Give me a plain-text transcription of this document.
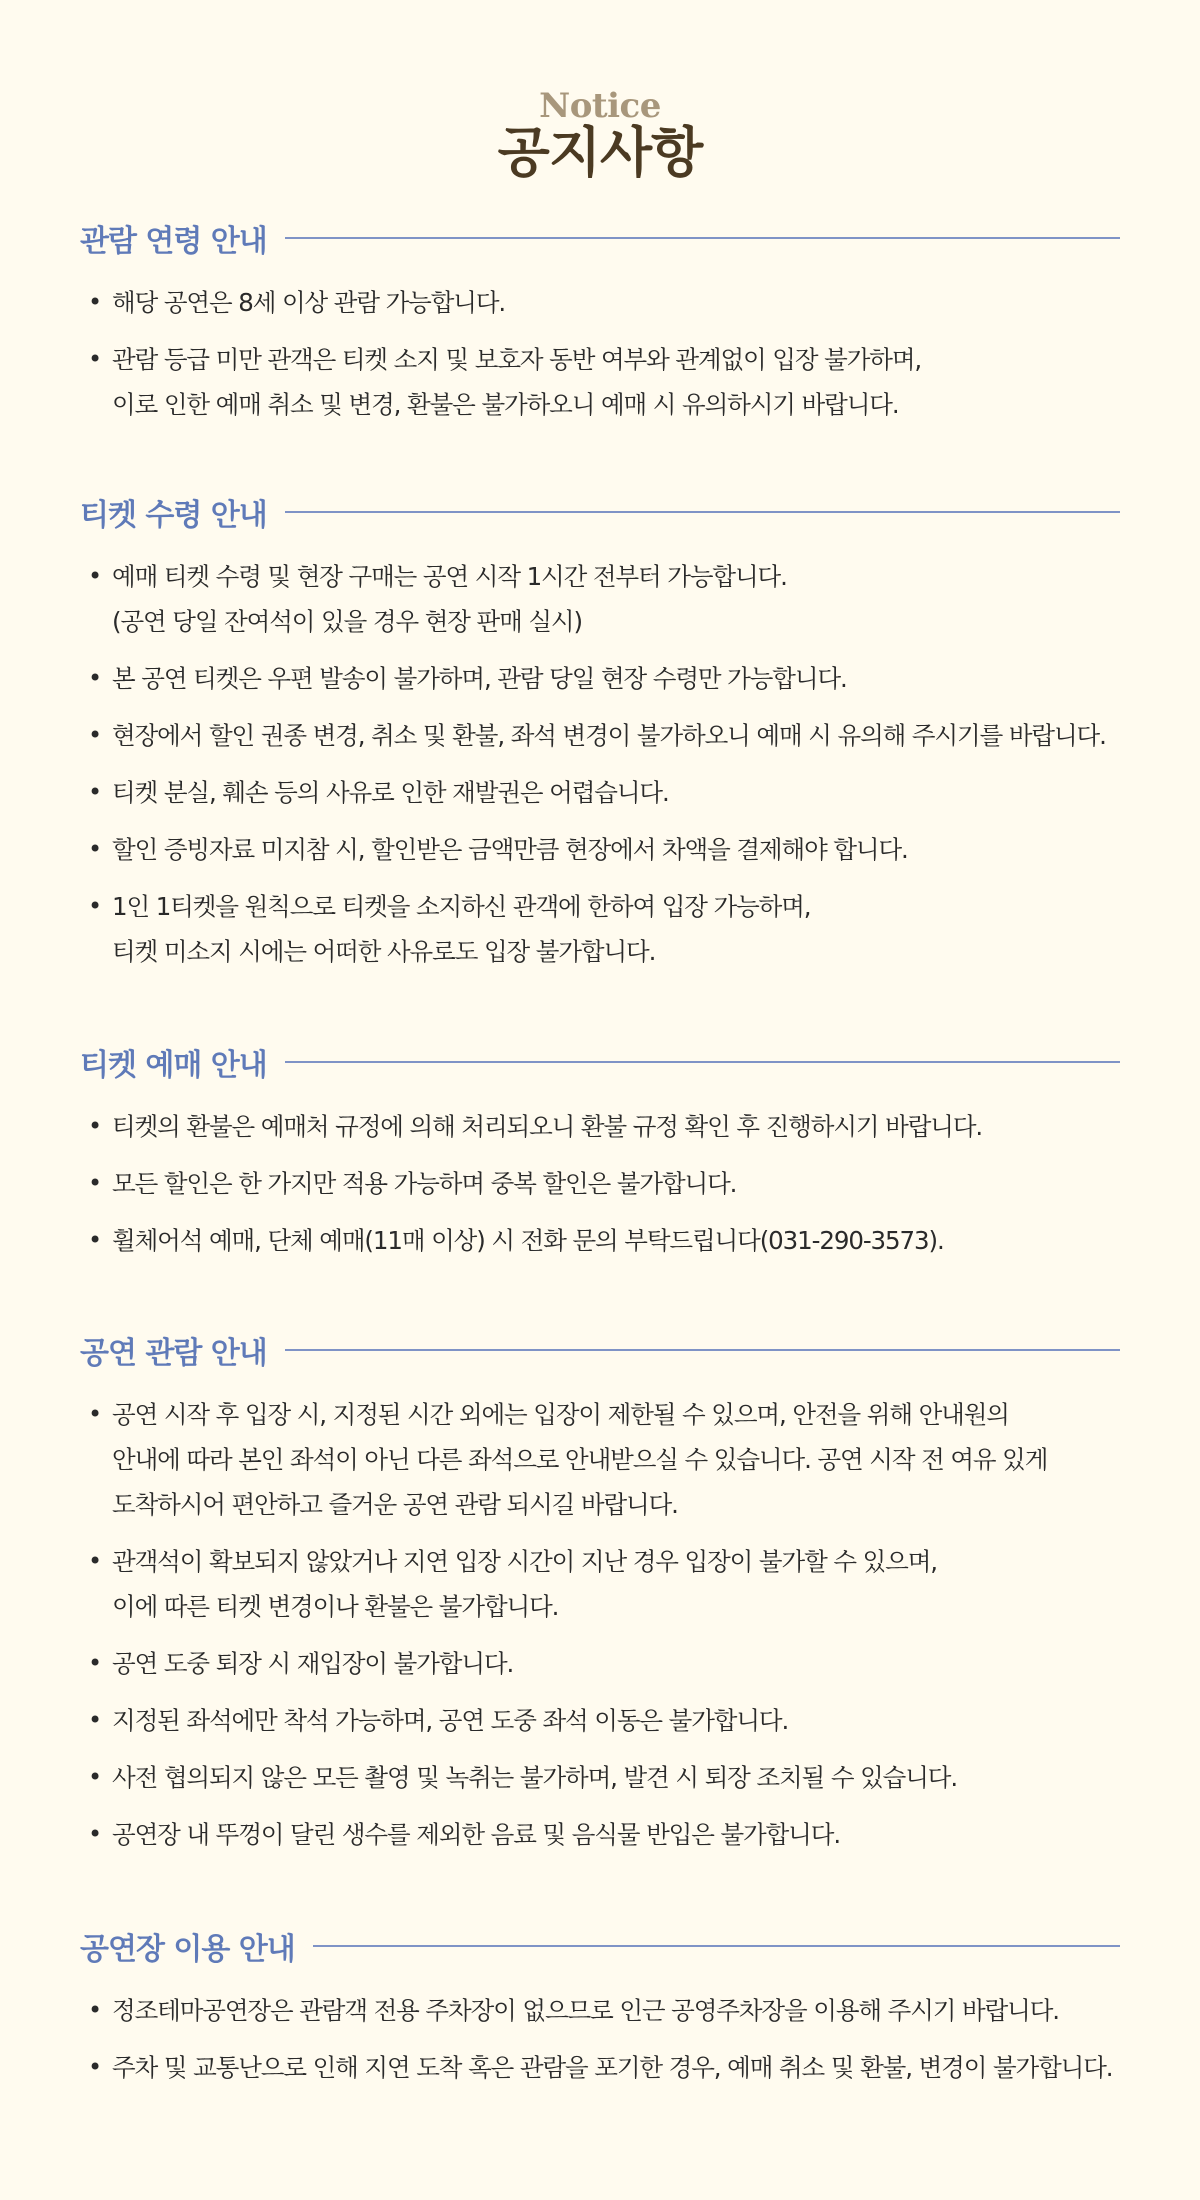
Notice
공지사항
관람 연령 안내
• 해당 공연은 8세 이상 관람 가능합니다.
• 관람 등급 미만 관객은 티켓 소지 및 보호자 동반 여부와 관계없이 입장 불가하며,
이로 인한 예매 취소 및 변경, 환불은 불가하오니 예매 시 유의하시기 바랍니다.
티켓 수령 안내
• 예매 티켓 수령 및 현장 구매는 공연 시작 1시간 전부터 가능합니다.
(공연 당일 잔여석이 있을 경우 현장 판매 실시)
• 본 공연 티켓은 우편 발송이 불가하며, 관람 당일 현장 수령만 가능합니다.
• 현장에서 할인 권종 변경, 취소 및 환불, 좌석 변경이 불가하오니 예매 시 유의해 주시기를 바랍니다.
• 티켓 분실, 훼손 등의 사유로 인한 재발권은 어렵습니다.
• 할인 증빙자료 미지참 시, 할인받은 금액만큼 현장에서 차액을 결제해야 합니다.
• 1인 1티켓을 원칙으로 티켓을 소지하신 관객에 한하여 입장 가능하며,
티켓 미소지 시에는 어떠한 사유로도 입장 불가합니다.
티켓 예매 안내
• 티켓의 환불은 예매처 규정에 의해 처리되오니 환불 규정 확인 후 진행하시기 바랍니다.
• 모든 할인은 한 가지만 적용 가능하며 중복 할인은 불가합니다.
• 휠체어석 예매, 단체 예매(11매 이상) 시 전화 문의 부탁드립니다(031-290-3573).
공연 관람 안내
• 공연 시작 후 입장 시, 지정된 시간 외에는 입장이 제한될 수 있으며, 안전을 위해 안내원의
안내에 따라 본인 좌석이 아닌 다른 좌석으로 안내받으실 수 있습니다. 공연 시작 전 여유 있게
도착하시어 편안하고 즐거운 공연 관람 되시길 바랍니다.
• 관객석이 확보되지 않았거나 지연 입장 시간이 지난 경우 입장이 불가할 수 있으며,
이에 따른 티켓 변경이나 환불은 불가합니다.
• 공연 도중 퇴장 시 재입장이 불가합니다.
• 지정된 좌석에만 착석 가능하며, 공연 도중 좌석 이동은 불가합니다.
• 사전 협의되지 않은 모든 촬영 및 녹취는 불가하며, 발견 시 퇴장 조치될 수 있습니다.
• 공연장 내 뚜껑이 달린 생수를 제외한 음료 및 음식물 반입은 불가합니다.
공연장 이용 안내
• 정조테마공연장은 관람객 전용 주차장이 없으므로 인근 공영주차장을 이용해 주시기 바랍니다.
• 주차 및 교통난으로 인해 지연 도착 혹은 관람을 포기한 경우, 예매 취소 및 환불, 변경이 불가합니다.
